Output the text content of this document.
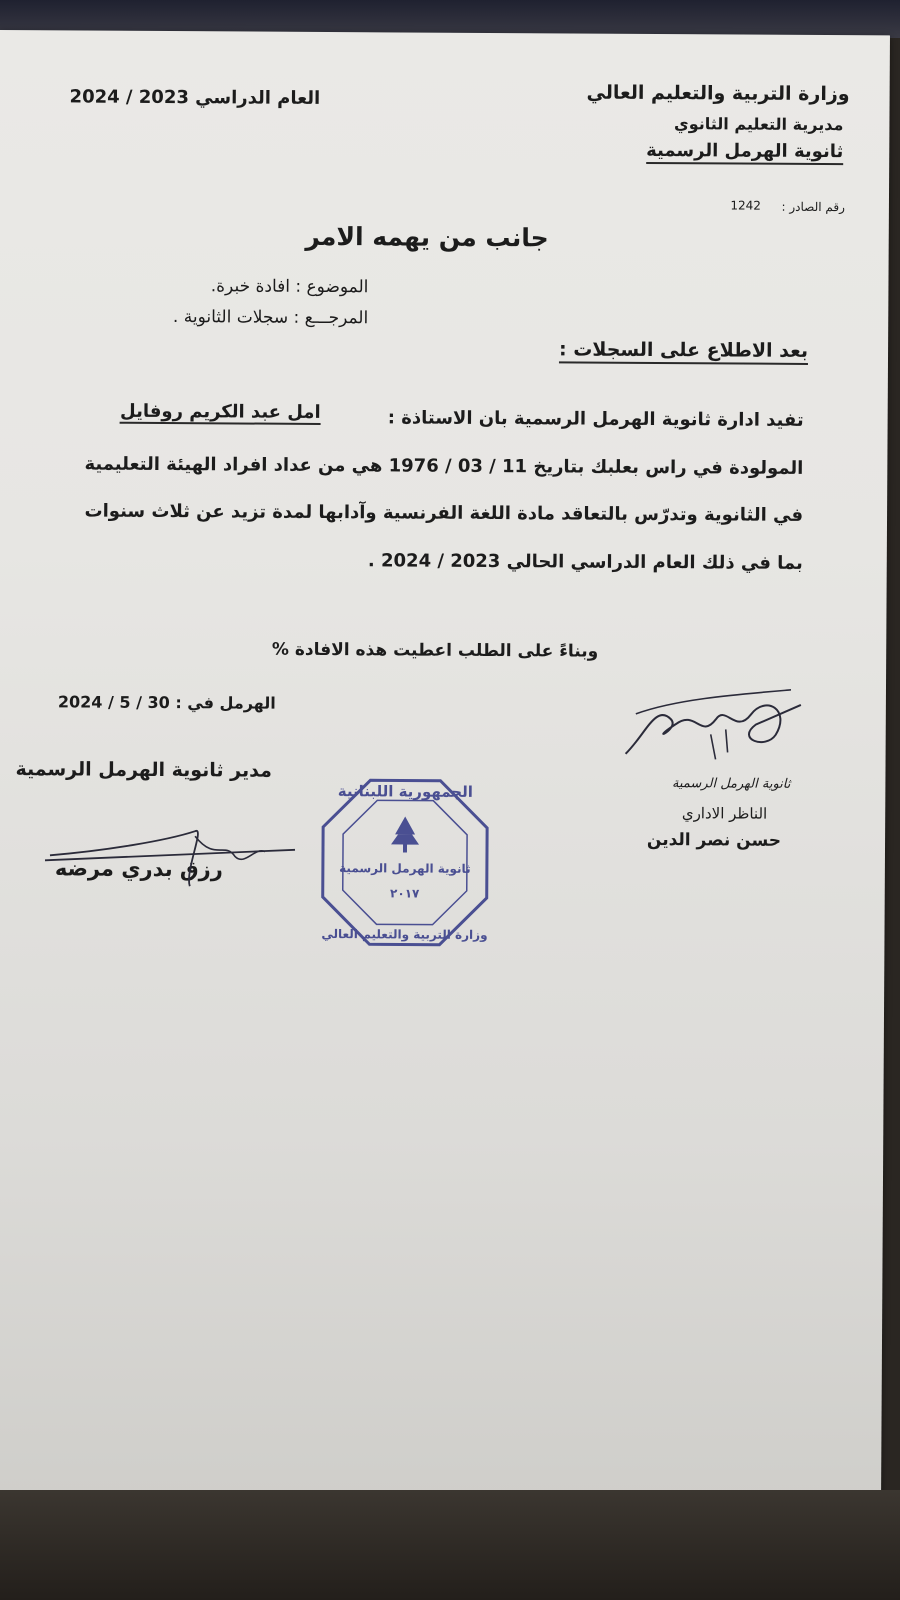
وزارة التربية والتعليم العالي
مديرية التعليم الثانوي
ثانوية الهرمل الرسمية
العام الدراسي 2023 / 2024
رقم الصادر :
1242
جانب من يهمه الامر
الموضوع : افادة خبرة.
المرجـــع : سجلات الثانوية .
بعد الاطلاع على السجلات :
تفيد ادارة ثانوية الهرمل الرسمية بان الاستاذة :
امل عبد الكريم روفايل
المولودة في راس بعلبك بتاريخ 11 / 03 / 1976 هي من عداد افراد الهيئة التعليمية
في الثانوية وتدرّس بالتعاقد مادة اللغة الفرنسية وآدابها لمدة تزيد عن ثلاث سنوات
بما في ذلك العام الدراسي الحالي 2023 / 2024 .
وبناءً على الطلب اعطيت هذه الافادة %
الهرمل في : 30 / 5 / 2024
مدير ثانوية الهرمل الرسمية
رزق بدري مرضه
ثانوية الهرمل الرسمية
الناظر الاداري
حسن نصر الدين
الجمهورية اللبنانية
ثانوية الهرمل الرسمية
٢٠١٧
وزارة التربية والتعليم العالي
